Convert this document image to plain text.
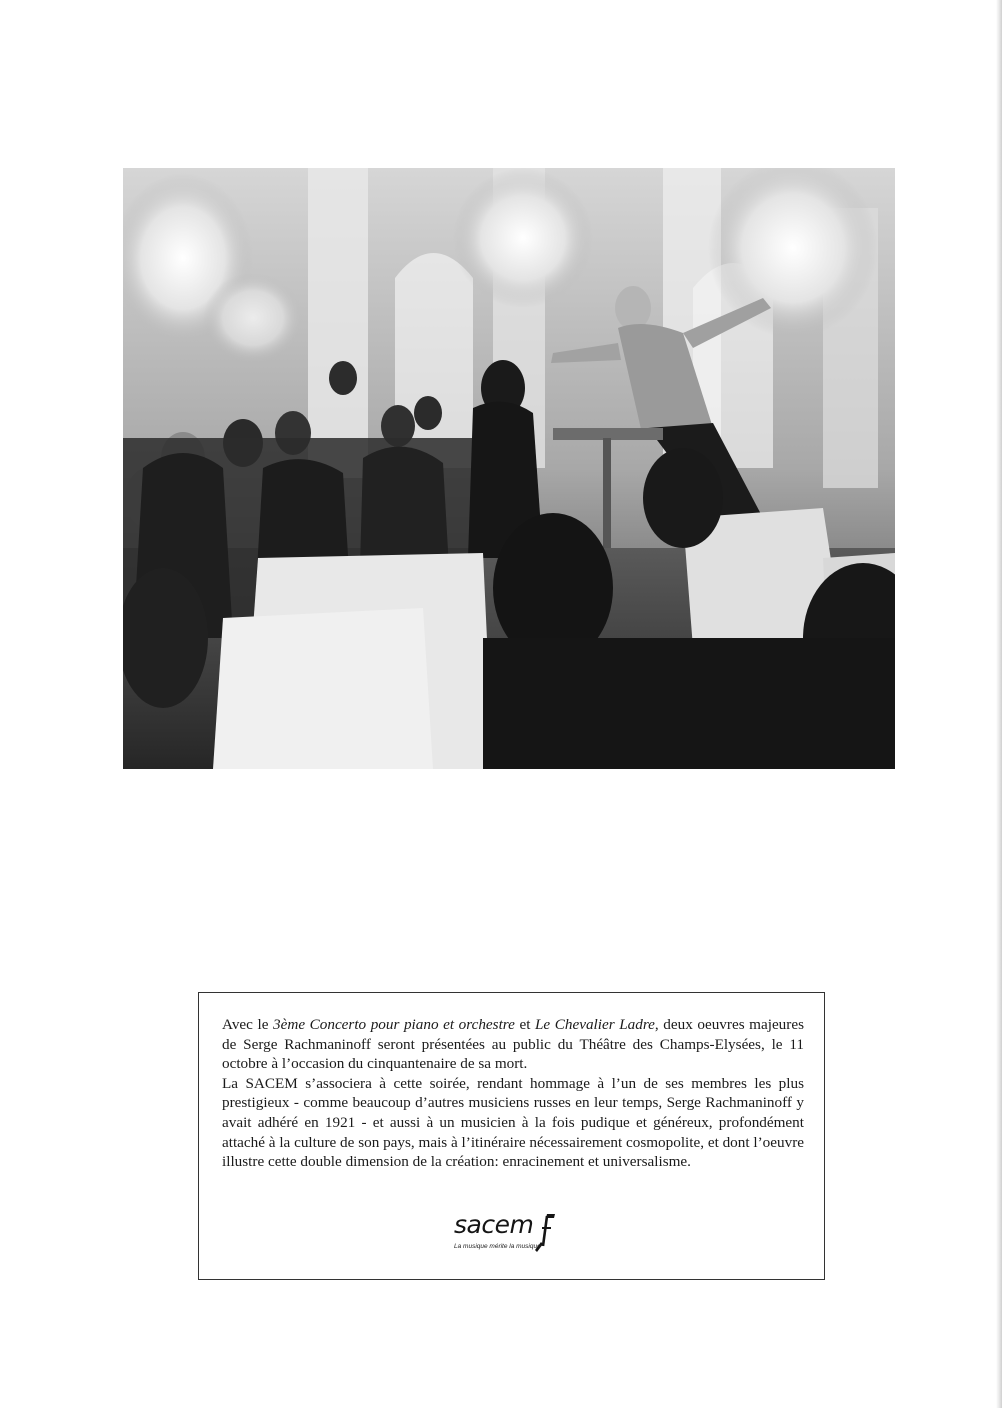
Avec le 3ème Concerto pour piano et orchestre et Le Chevalier Ladre, deux oeuvres majeures de Serge Rachmaninoff seront présentées au public du Théâtre des Champs-Elysées, le 11 octobre à l’occasion du cinquantenaire de sa mort.

La SACEM s’associera à cette soirée, rendant hommage à l’un de ses membres les plus prestigieux - comme beaucoup d’autres musiciens russes en leur temps, Serge Rachmaninoff y avait adhéré en 1921 - et aussi à un musicien à la fois pudique et généreux, profondément attaché à la culture de son pays, mais à l’itinéraire nécessairement cosmopolite, et dont l’oeuvre illustre cette double dimension de la création: enracinement et universalisme.

sacem
La musique mérite la musique
